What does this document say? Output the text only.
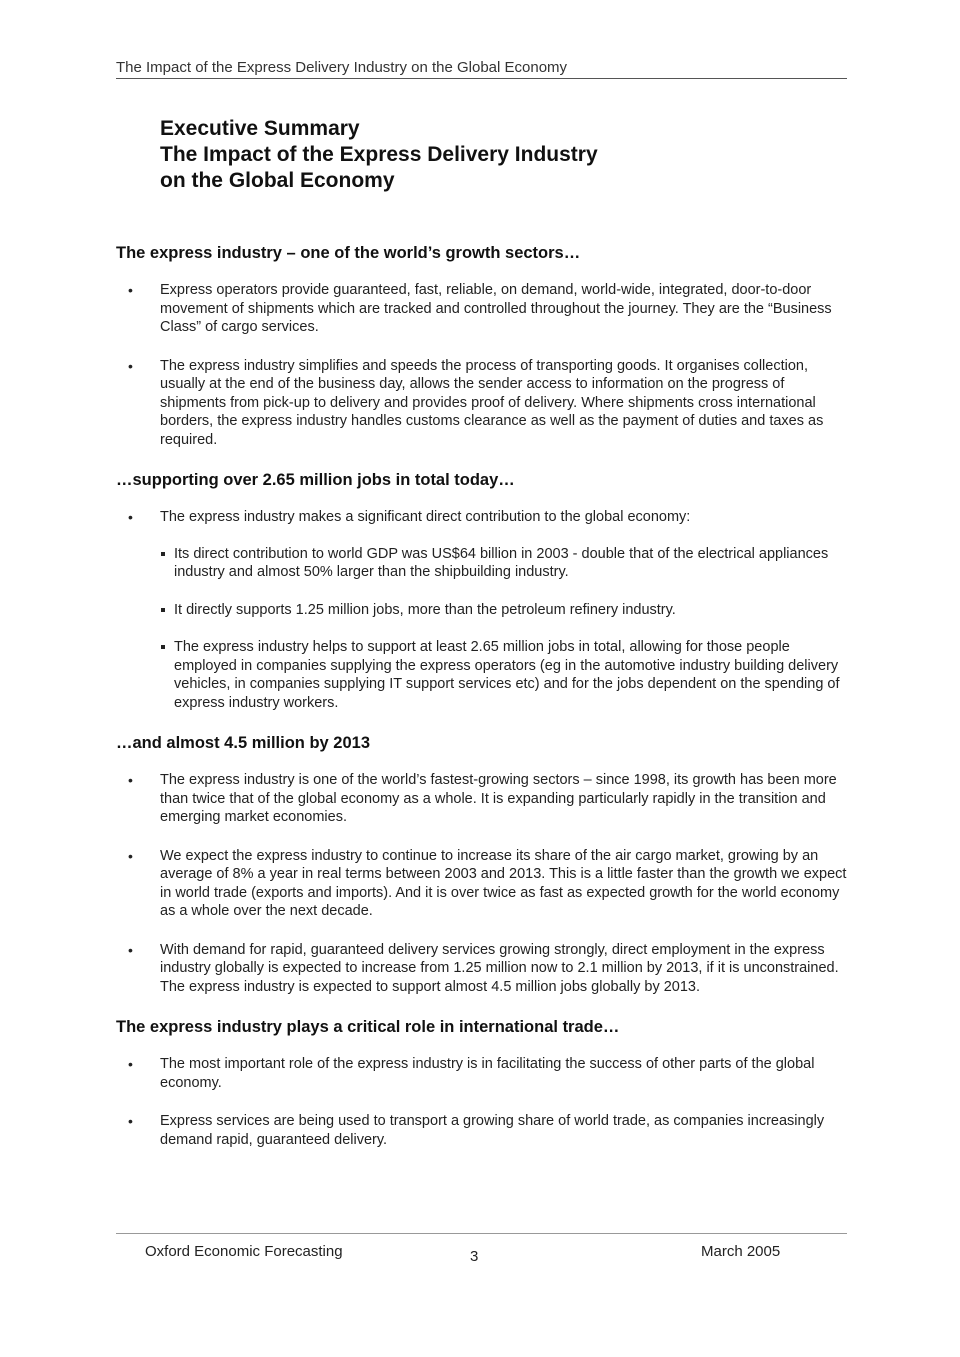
The Impact of the Express Delivery Industry on the Global Economy
Executive Summary
The Impact of the Express Delivery Industry
on the Global Economy
The express industry – one of the world’s growth sectors…
• Express operators provide guaranteed, fast, reliable, on demand, world-wide, integrated, door-to-door movement of shipments which are tracked and controlled throughout the journey. They are the “Business Class” of cargo services.
• The express industry simplifies and speeds the process of transporting goods. It organises collection, usually at the end of the business day, allows the sender access to information on the progress of shipments from pick-up to delivery and provides proof of delivery. Where shipments cross international borders, the express industry handles customs clearance as well as the payment of duties and taxes as required.
…supporting over 2.65 million jobs in total today…
• The express industry makes a significant direct contribution to the global economy:
Its direct contribution to world GDP was US$64 billion in 2003 - double that of the electrical appliances industry and almost 50% larger than the shipbuilding industry.
It directly supports 1.25 million jobs, more than the petroleum refinery industry.
The express industry helps to support at least 2.65 million jobs in total, allowing for those people employed in companies supplying the express operators (eg in the automotive industry building delivery vehicles, in companies supplying IT support services etc) and for the jobs dependent on the spending of express industry workers.
…and almost 4.5 million by 2013
• The express industry is one of the world’s fastest-growing sectors – since 1998, its growth has been more than twice that of the global economy as a whole. It is expanding particularly rapidly in the transition and emerging market economies.
• We expect the express industry to continue to increase its share of the air cargo market, growing by an average of 8% a year in real terms between 2003 and 2013. This is a little faster than the growth we expect in world trade (exports and imports). And it is over twice as fast as expected growth for the world economy as a whole over the next decade.
• With demand for rapid, guaranteed delivery services growing strongly, direct employment in the express industry globally is expected to increase from 1.25 million now to 2.1 million by 2013, if it is unconstrained. The express industry is expected to support almost 4.5 million jobs globally by 2013.
The express industry plays a critical role in international trade…
• The most important role of the express industry is in facilitating the success of other parts of the global economy.
• Express services are being used to transport a growing share of world trade, as companies increasingly demand rapid, guaranteed delivery.
Oxford Economic Forecasting	3	March 2005
